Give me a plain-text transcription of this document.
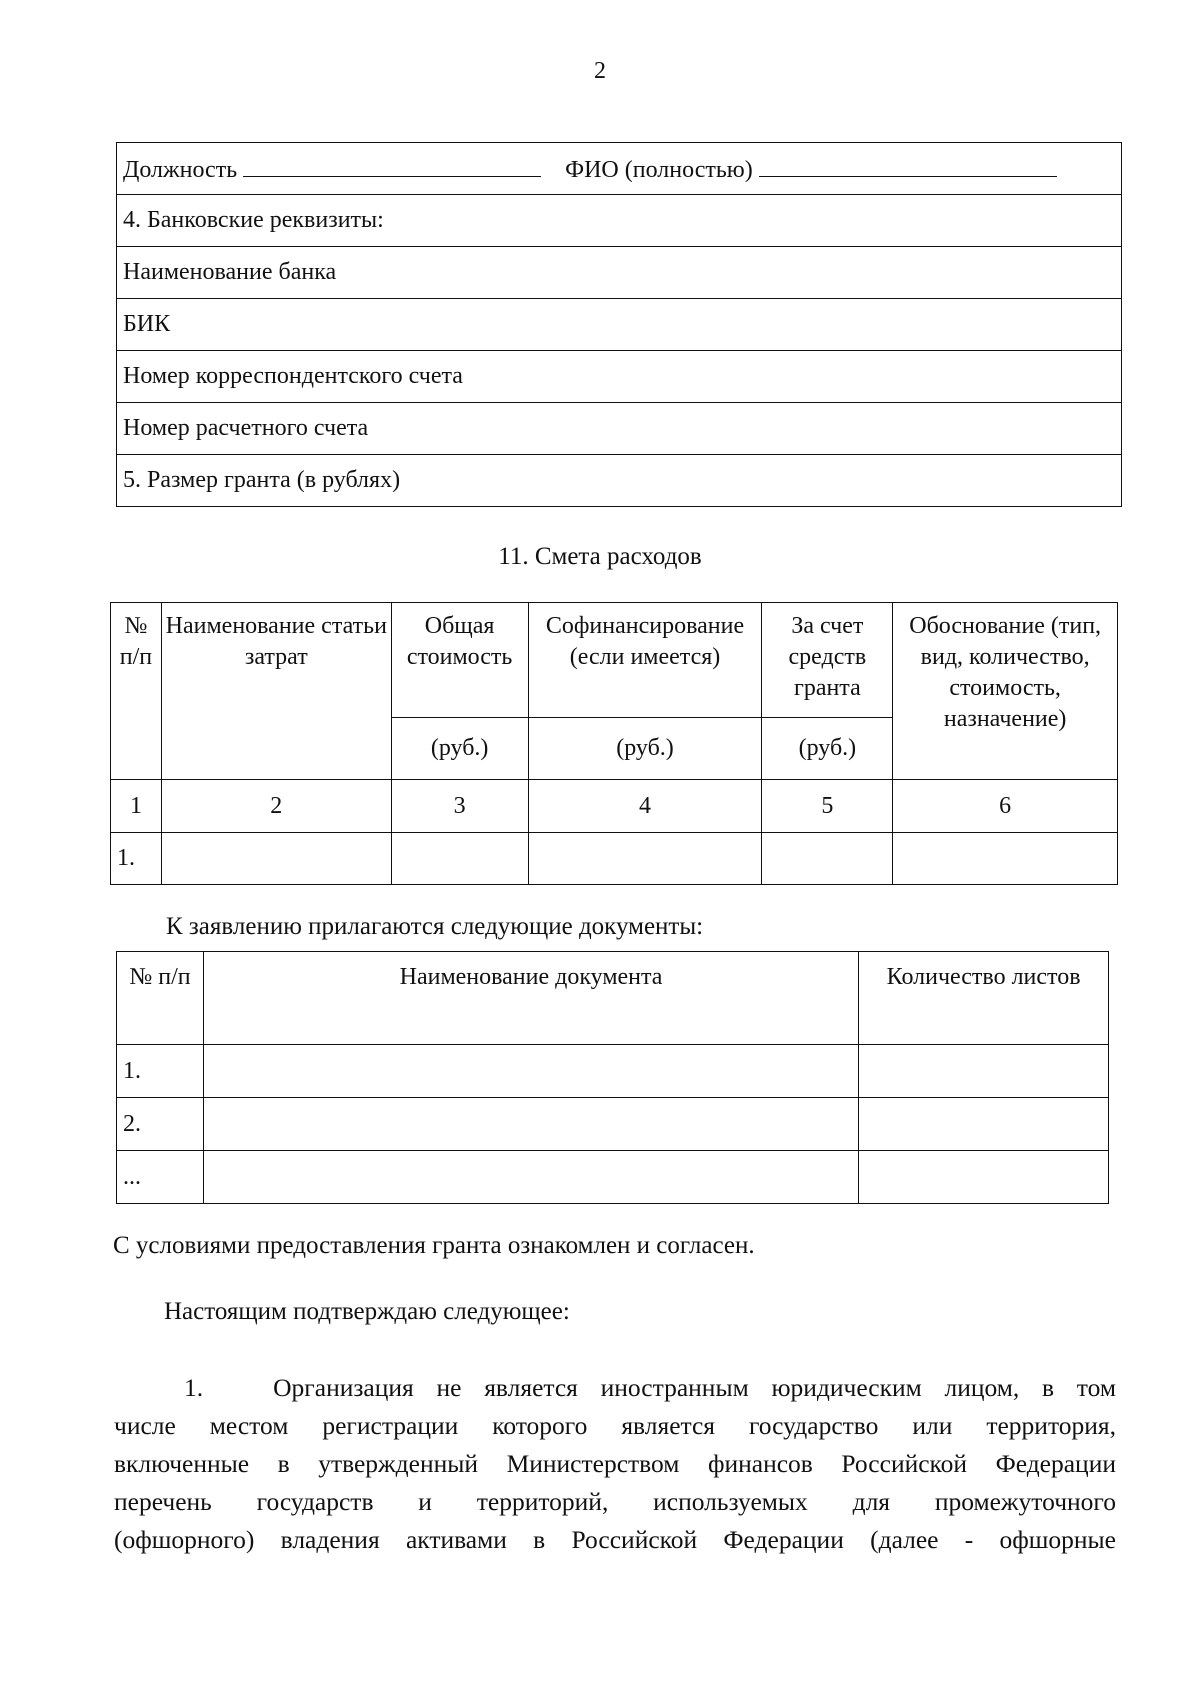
2
Должность	ФИО (полностью)
4. Банковские реквизиты:
Наименование банка
БИК
Номер корреспондентского счета
Номер расчетного счета
5. Размер гранта (в рублях)
11. Смета расходов
№ п/п	Наименование статьи затрат	Общая стоимость	Софинансирование (если имеется)	За счет средств гранта	Обоснование (тип, вид, количество, стоимость, назначение)
		(руб.)	(руб.)	(руб.)	
1	2	3	4	5	6
1.					
К заявлению прилагаются следующие документы:
№ п/п	Наименование документа	Количество листов
1.		
2.		
...		
С условиями предоставления гранта ознакомлен и согласен.
Настоящим подтверждаю следующее:
1.	Организация не является иностранным юридическим лицом, в том
числе местом регистрации которого является государство или территория,
включенные в утвержденный Министерством финансов Российской Федерации
перечень государств и территорий, используемых для промежуточного
(офшорного) владения активами в Российской Федерации (далее - офшорные
